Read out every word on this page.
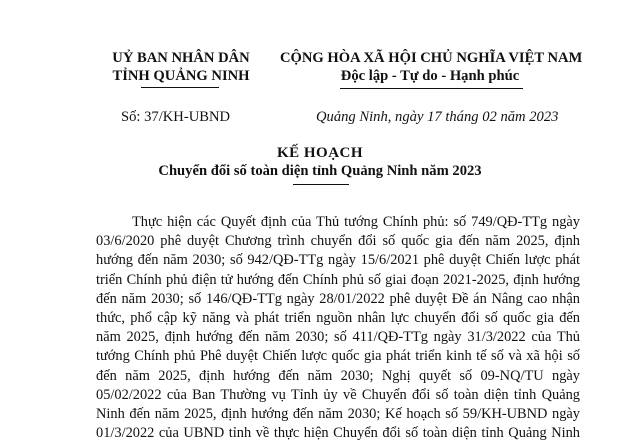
UỶ BAN NHÂN DÂN
TỈNH QUẢNG NINH
CỘNG HÒA XÃ HỘI CHỦ NGHĨA VIỆT NAM
Độc lập - Tự do - Hạnh phúc
Số: 37/KH-UBND	Quảng Ninh, ngày 17 tháng 02 năm 2023
KẾ HOẠCH
Chuyển đổi số toàn diện tỉnh Quảng Ninh năm 2023
Thực hiện các Quyết định của Thủ tướng Chính phủ: số 749/QĐ-TTg ngày
03/6/2020 phê duyệt Chương trình chuyển đổi số quốc gia đến năm 2025, định
hướng đến năm 2030; số 942/QĐ-TTg ngày 15/6/2021 phê duyệt Chiến lược phát
triển Chính phủ điện tử hướng đến Chính phủ số giai đoạn 2021-2025, định hướng
đến năm 2030; số 146/QĐ-TTg ngày 28/01/2022 phê duyệt Đề án Nâng cao nhận
thức, phổ cập kỹ năng và phát triển nguồn nhân lực chuyển đổi số quốc gia đến
năm 2025, định hướng đến năm 2030; số 411/QĐ-TTg ngày 31/3/2022 của Thủ
tướng Chính phủ Phê duyệt Chiến lược quốc gia phát triển kinh tế số và xã hội số
đến năm 2025, định hướng đến năm 2030; Nghị quyết số 09-NQ/TU ngày
05/02/2022 của Ban Thường vụ Tỉnh ủy về Chuyển đổi số toàn diện tỉnh Quảng
Ninh đến năm 2025, định hướng đến năm 2030; Kế hoạch số 59/KH-UBND ngày
01/3/2022 của UBND tỉnh về thực hiện Chuyển đổi số toàn diện tỉnh Quảng Ninh
